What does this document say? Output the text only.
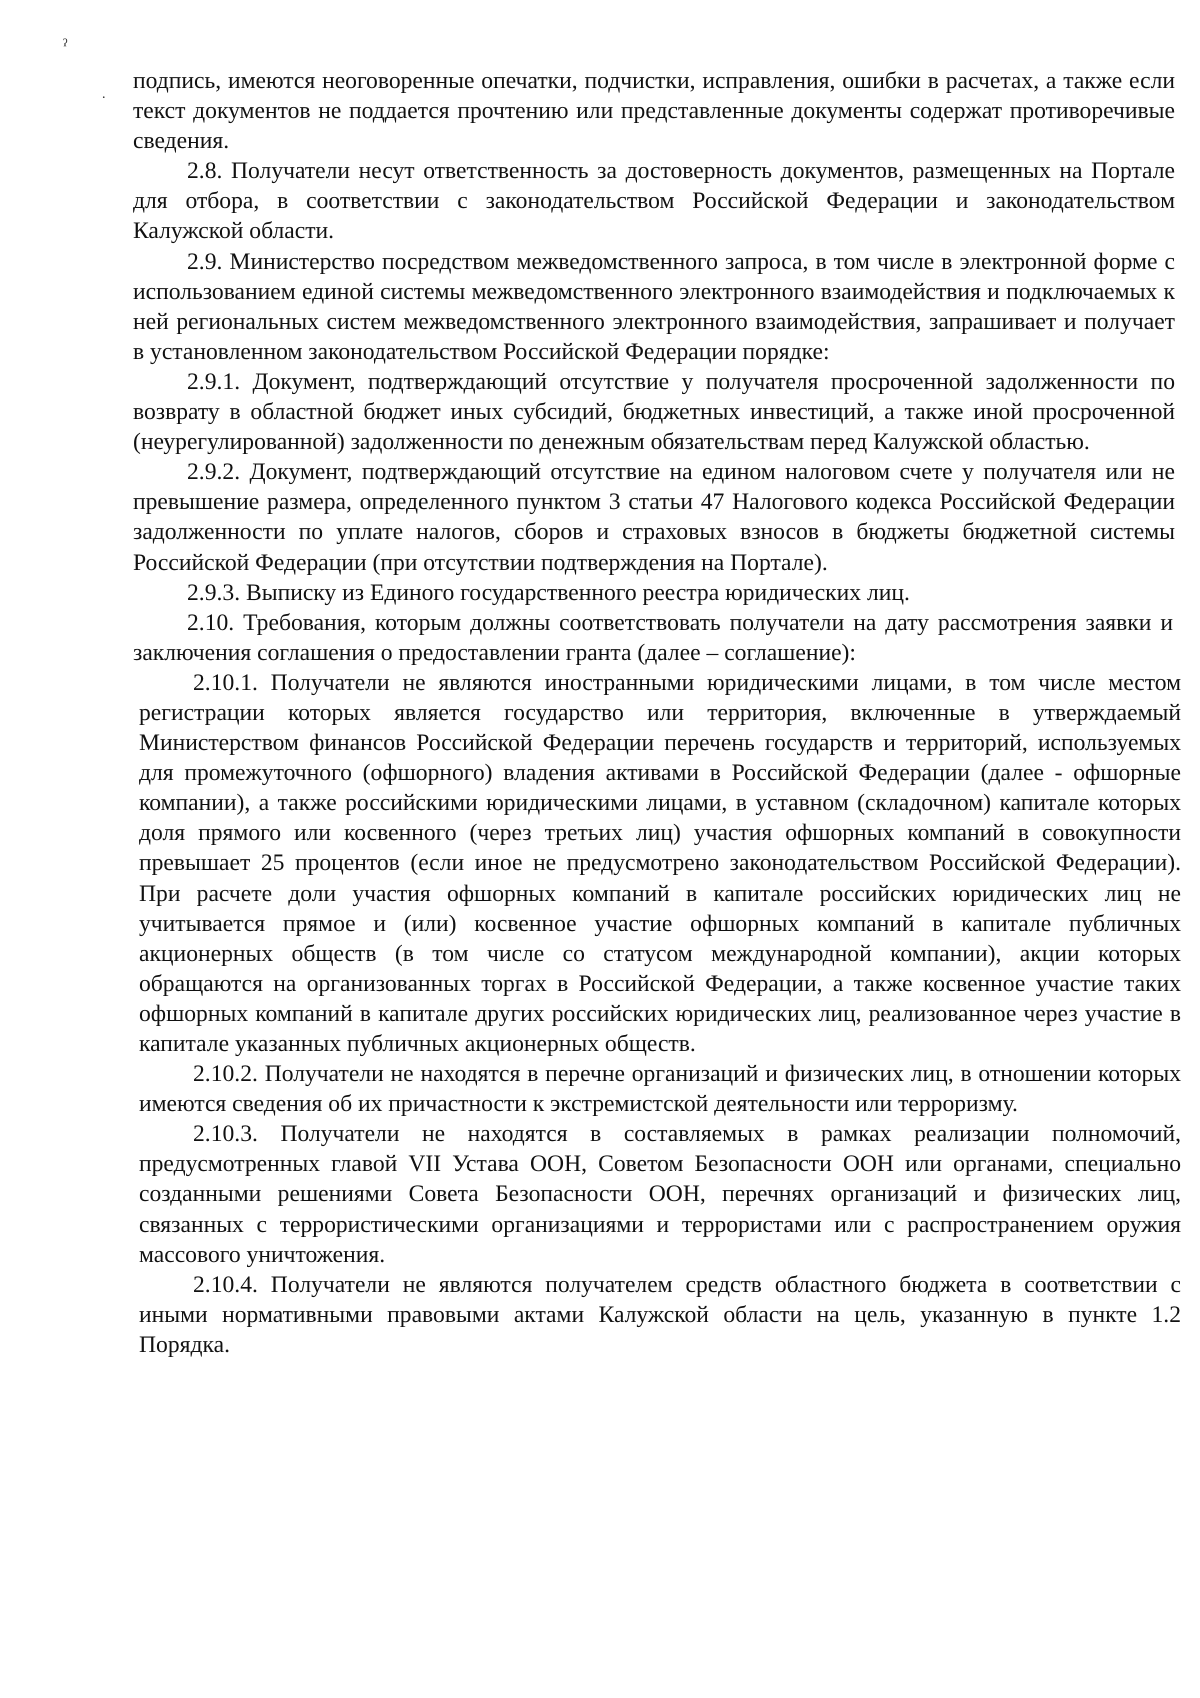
ˀ
.

подпись, имеются неоговоренные опечатки, подчистки, исправления, ошибки в расчетах, а также если текст документов не поддается прочтению или представленные документы содержат противоречивые сведения.

2.8. Получатели несут ответственность за достоверность документов, размещенных на Портале для отбора, в соответствии с законодательством Российской Федерации и законодательством Калужской области.

2.9. Министерство посредством межведомственного запроса, в том числе в электронной форме с использованием единой системы межведомственного электронного взаимодействия и подключаемых к ней региональных систем межведомственного электронного взаимодействия, запрашивает и получает в установленном законодательством Российской Федерации порядке:

2.9.1. Документ, подтверждающий отсутствие у получателя просроченной задолженности по возврату в областной бюджет иных субсидий, бюджетных инвестиций, а также иной просроченной (неурегулированной) задолженности по денежным обязательствам перед Калужской областью.

2.9.2. Документ, подтверждающий отсутствие на едином налоговом счете у получателя или не превышение размера, определенного пунктом 3 статьи 47 Налогового кодекса Российской Федерации задолженности по уплате налогов, сборов и страховых взносов в бюджеты бюджетной системы Российской Федерации (при отсутствии подтверждения на Портале).

2.9.3. Выписку из Единого государственного реестра юридических лиц.

2.10. Требования, которым должны соответствовать получатели на дату рассмотрения заявки и заключения соглашения о предоставлении гранта (далее – соглашение):

2.10.1. Получатели не являются иностранными юридическими лицами, в том числе местом регистрации которых является государство или территория, включенные в утверждаемый Министерством финансов Российской Федерации перечень государств и территорий, используемых для промежуточного (офшорного) владения активами в Российской Федерации (далее - офшорные компании), а также российскими юридическими лицами, в уставном (складочном) капитале которых доля прямого или косвенного (через третьих лиц) участия офшорных компаний в совокупности превышает 25 процентов (если иное не предусмотрено законодательством Российской Федерации). При расчете доли участия офшорных компаний в капитале российских юридических лиц не учитывается прямое и (или) косвенное участие офшорных компаний в капитале публичных акционерных обществ (в том числе со статусом международной компании), акции которых обращаются на организованных торгах в Российской Федерации, а также косвенное участие таких офшорных компаний в капитале других российских юридических лиц, реализованное через участие в капитале указанных публичных акционерных обществ.

2.10.2. Получатели не находятся в перечне организаций и физических лиц, в отношении которых имеются сведения об их причастности к экстремистской деятельности или терроризму.

2.10.3. Получатели не находятся в составляемых в рамках реализации полномочий, предусмотренных главой VII Устава ООН, Советом Безопасности ООН или органами, специально созданными решениями Совета Безопасности ООН, перечнях организаций и физических лиц, связанных с террористическими организациями и террористами или с распространением оружия массового уничтожения.

2.10.4. Получатели не являются получателем средств областного бюджета в соответствии с иными нормативными правовыми актами Калужской области на цель, указанную в пункте 1.2 Порядка.
